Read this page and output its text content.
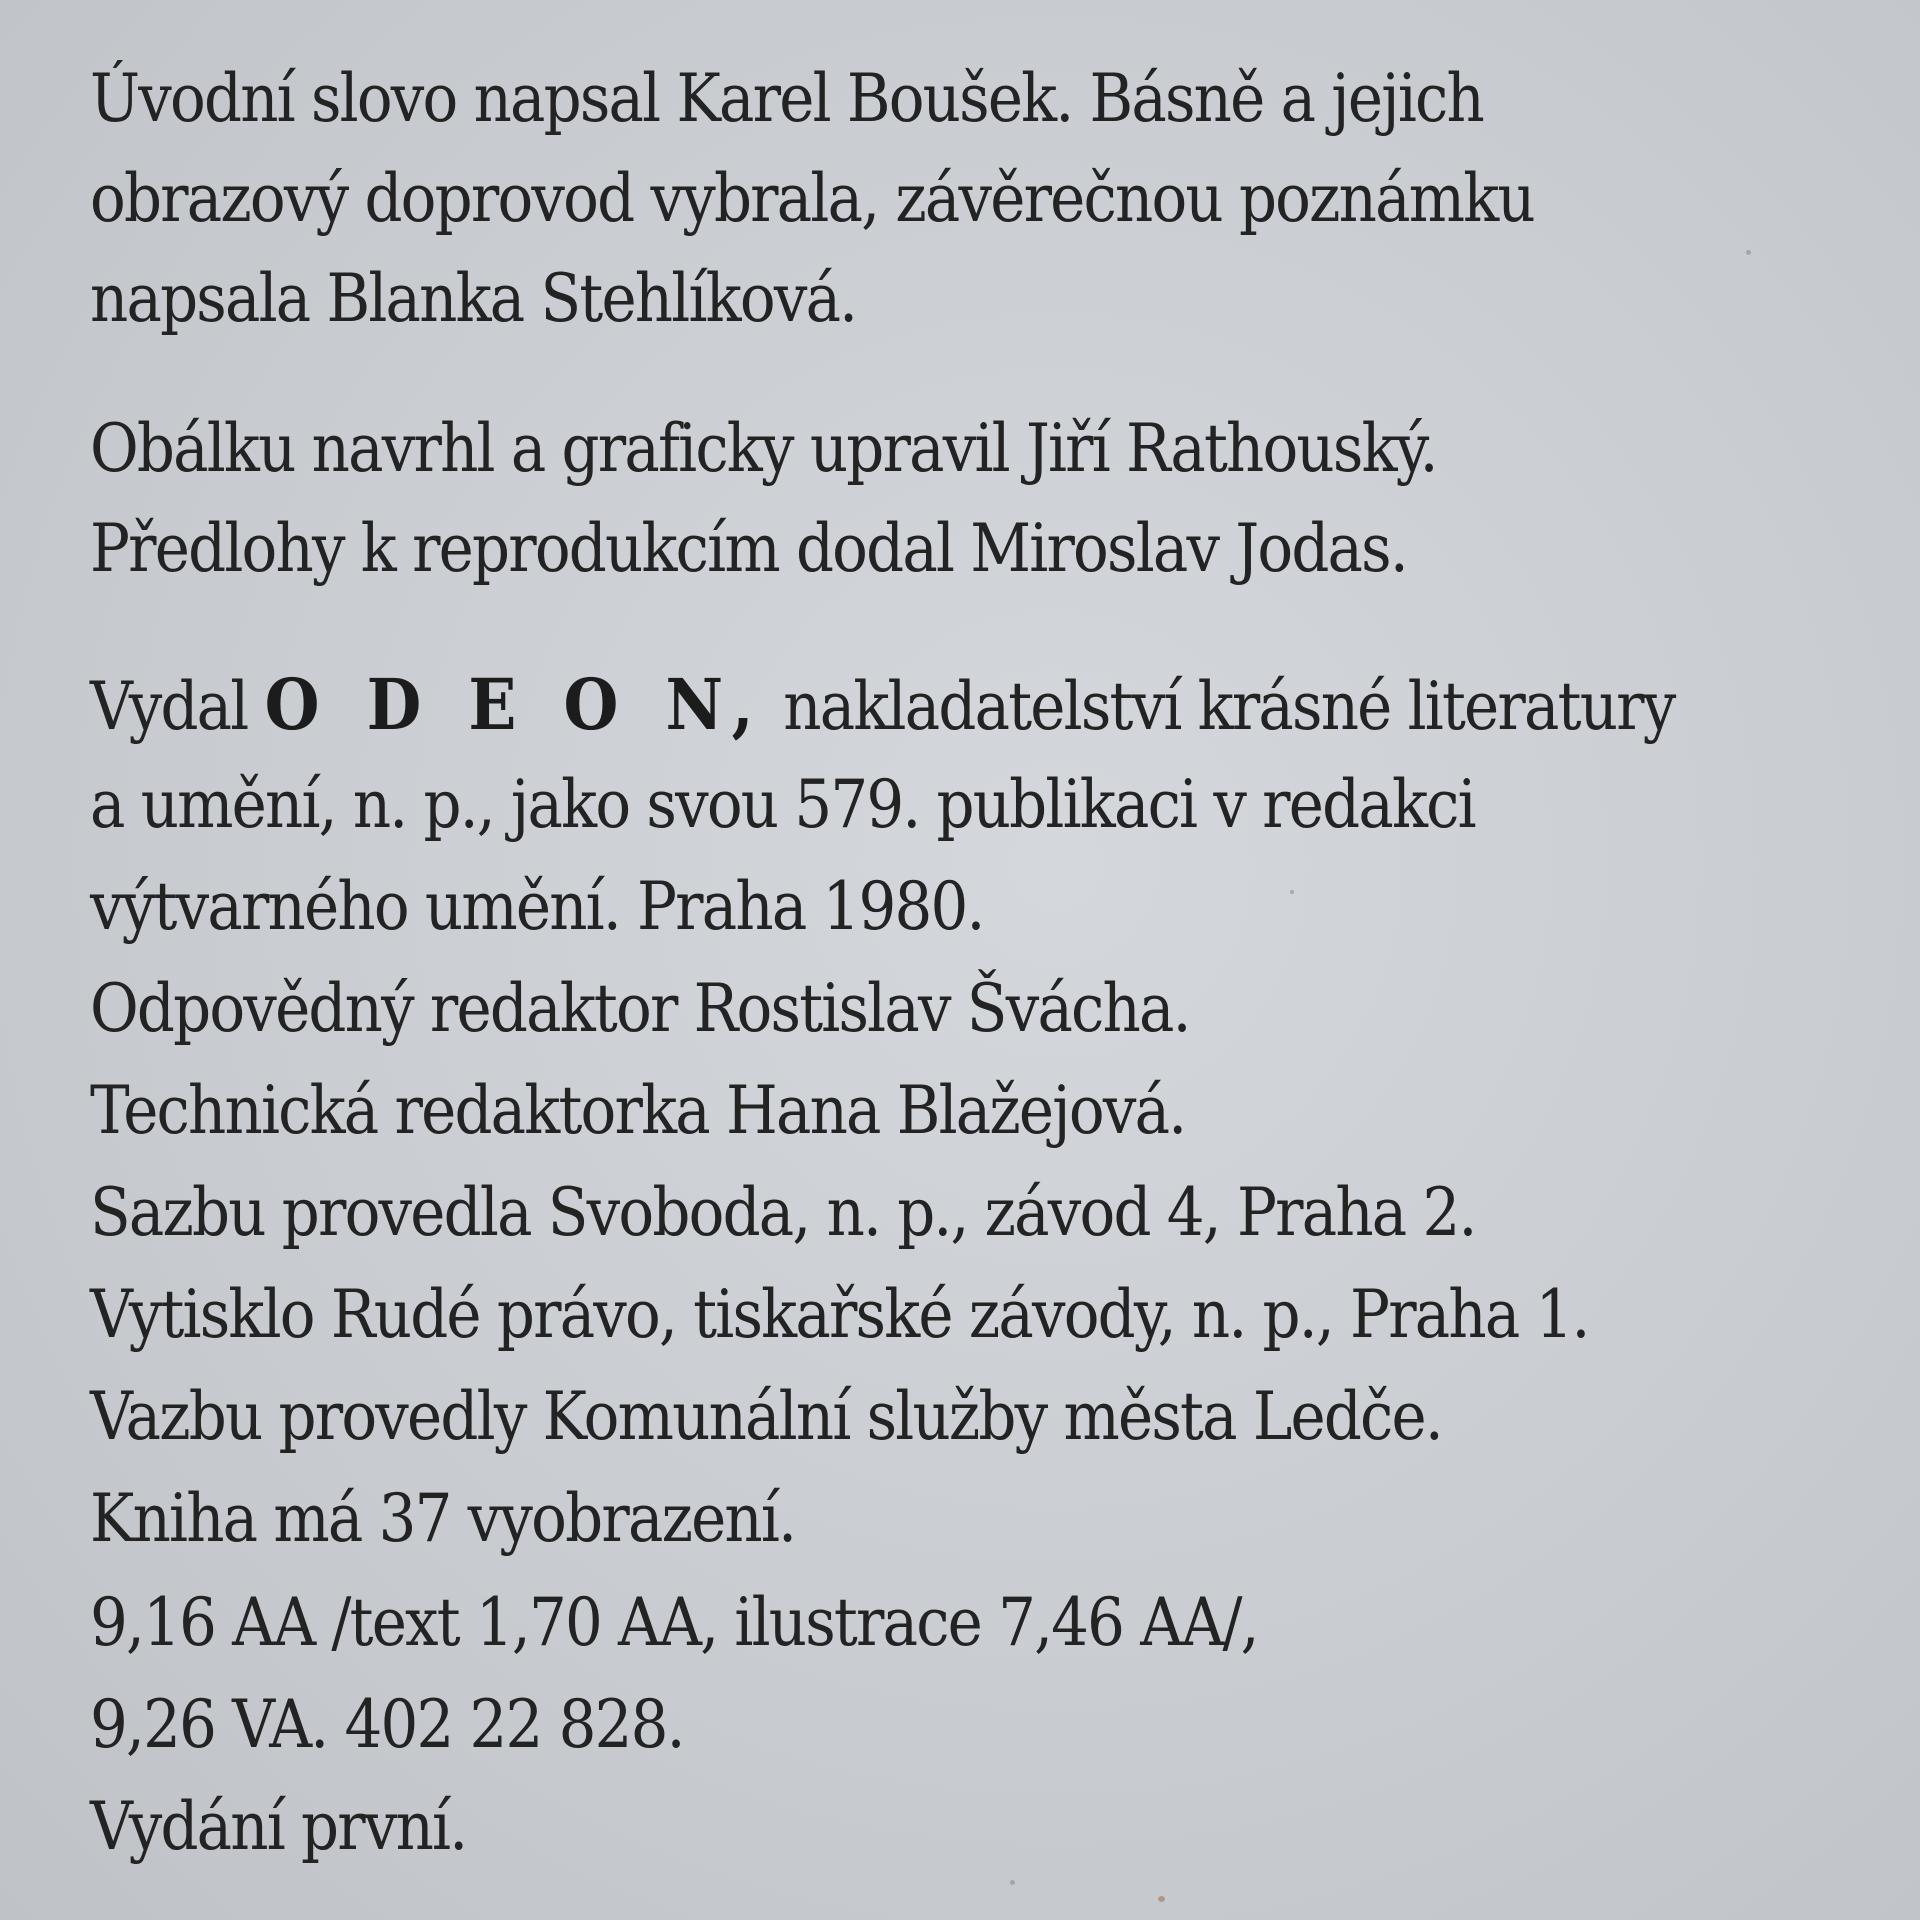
Úvodní slovo napsal Karel Boušek. Básně a jejich

obrazový doprovod vybrala, závěrečnou poznámku

napsala Blanka Stehlíková.

Obálku navrhl a graficky upravil Jiří Rathouský.

Předlohy k reprodukcím dodal Miroslav Jodas.

Vydal O D E O N, nakladatelství krásné literatury

a umění, n. p., jako svou 579. publikaci v redakci

výtvarného umění. Praha 1980.

Odpovědný redaktor Rostislav Švácha.

Technická redaktorka Hana Blažejová.

Sazbu provedla Svoboda, n. p., závod 4, Praha 2.

Vytisklo Rudé právo, tiskařské závody, n. p., Praha 1.

Vazbu provedly Komunální služby města Ledče.

Kniha má 37 vyobrazení.

9,16 AA /text 1,70 AA, ilustrace 7,46 AA/,

9,26 VA. 402 22 828.

Vydání první.
